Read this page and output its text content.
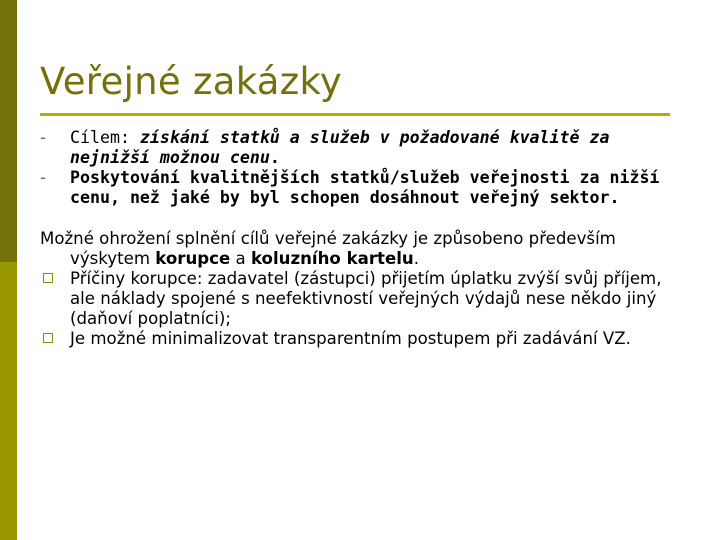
Veřejné zakázky
-	Cílem: získání statků a služeb v požadované kvalitě za nejnižší možnou cenu.
-	Poskytování kvalitnějších statků/služeb veřejnosti za nižší cenu, než jaké by byl schopen dosáhnout veřejný sektor.

Možné ohrožení splnění cílů veřejné zakázky je způsobeno především výskytem korupce a koluzního kartelu.

Příčiny korupce: zadavatel (zástupci) přijetím úplatku zvýší svůj příjem, ale náklady spojené s neefektivností veřejných výdajů nese někdo jiný (daňoví poplatníci);
Je možné minimalizovat transparentním postupem při zadávání VZ.
